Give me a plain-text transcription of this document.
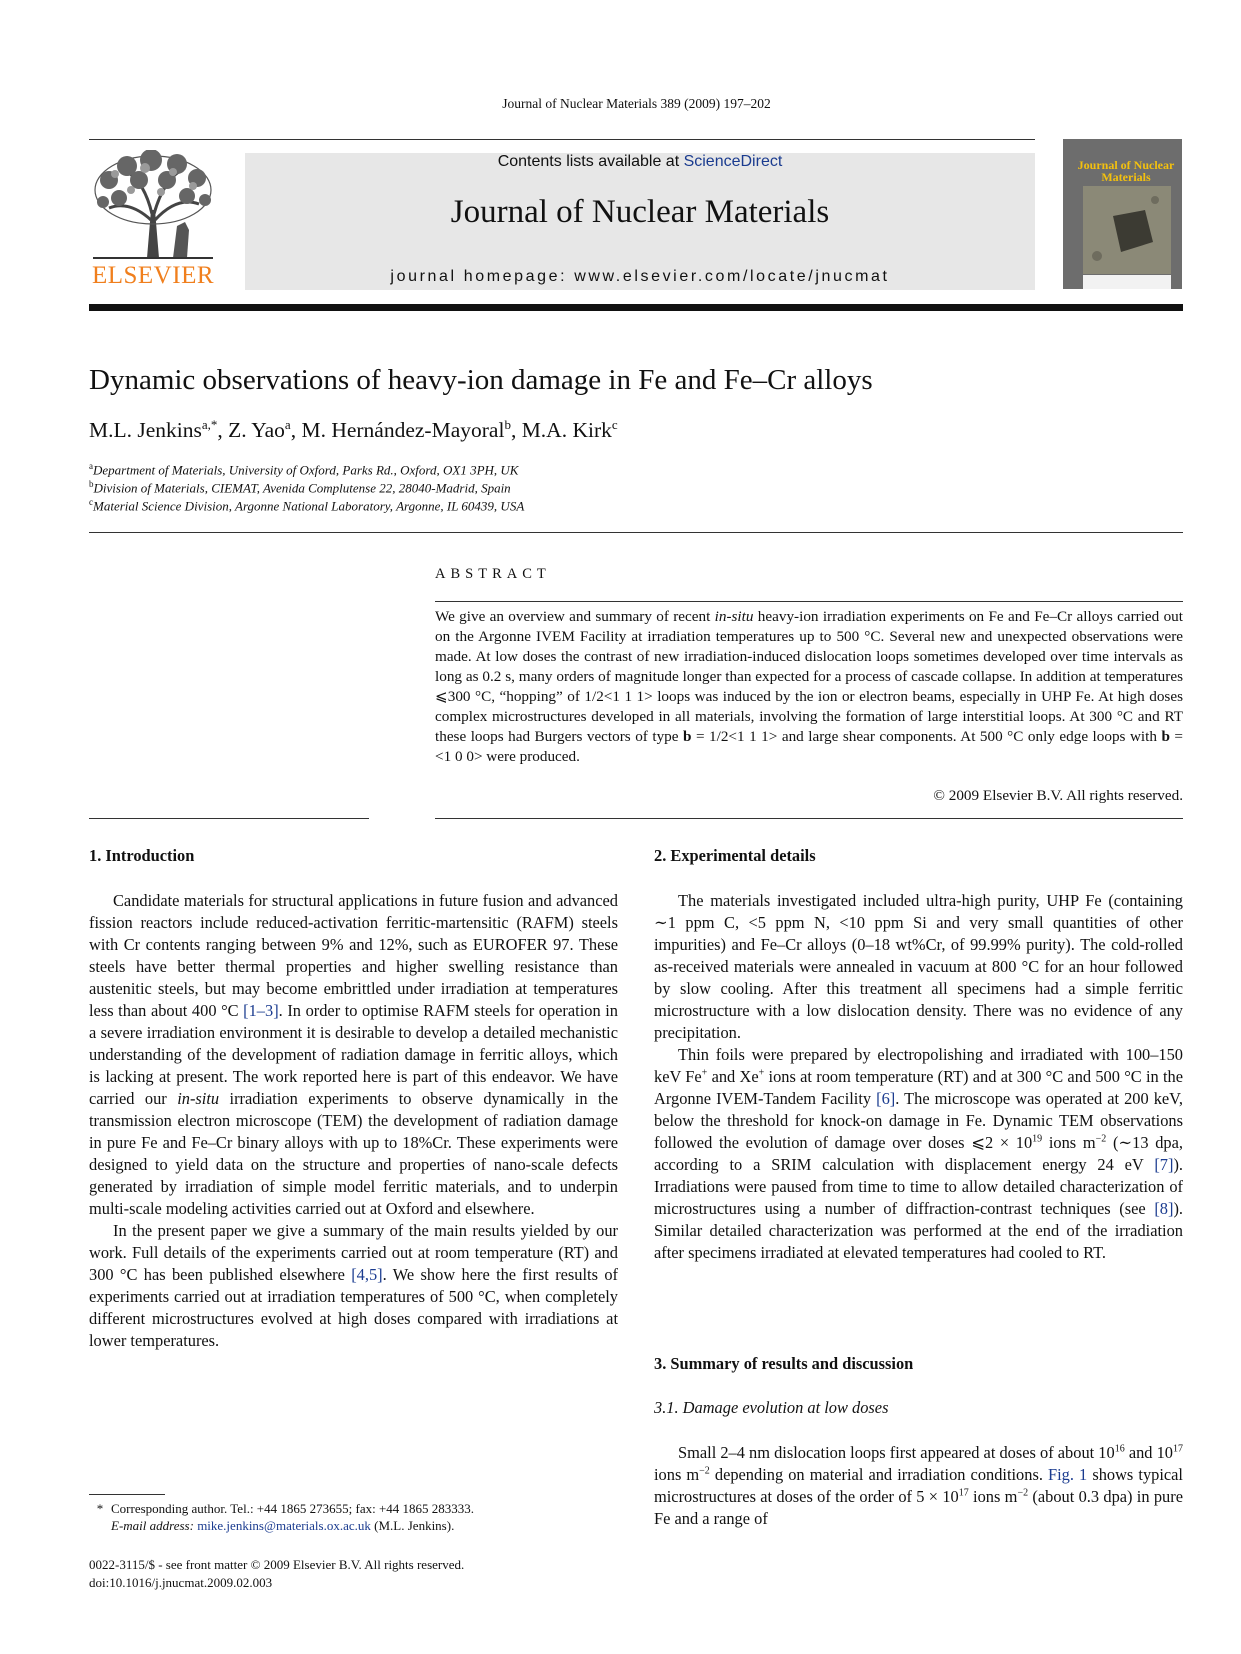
Journal of Nuclear Materials 389 (2009) 197–202
ELSEVIER
Contents lists available at ScienceDirect
Journal of Nuclear Materials
journal homepage: www.elsevier.com/locate/jnucmat
Journal of Nuclear Materials
Dynamic observations of heavy-ion damage in Fe and Fe–Cr alloys
M.L. Jenkins$^{a,*}$, Z. Yao$^a$, M. Hernández-Mayoral$^b$, M.A. Kirk$^c$
$^a$Department of Materials, University of Oxford, Parks Rd., Oxford, OX1 3PH, UK
$^b$Division of Materials, CIEMAT, Avenida Complutense 22, 28040-Madrid, Spain
$^c$Material Science Division, Argonne National Laboratory, Argonne, IL 60439, USA
ABSTRACT
We give an overview and summary of recent in-situ heavy-ion irradiation experiments on Fe and Fe–Cr alloys carried out on the Argonne IVEM Facility at irradiation temperatures up to 500 °C. Several new and unexpected observations were made. At low doses the contrast of new irradiation-induced dislocation loops sometimes developed over time intervals as long as 0.2 s, many orders of magnitude longer than expected for a process of cascade collapse. In addition at temperatures ⩽300 °C, “hopping” of 1/2<1 1 1> loops was induced by the ion or electron beams, especially in UHP Fe. At high doses complex microstructures developed in all materials, involving the formation of large interstitial loops. At 300 °C and RT these loops had Burgers vectors of type b = 1/2<1 1 1> and large shear components. At 500 °C only edge loops with b = <1 0 0> were produced.
© 2009 Elsevier B.V. All rights reserved.
1. Introduction

Candidate materials for structural applications in future fusion and advanced fission reactors include reduced-activation ferritic-martensitic (RAFM) steels with Cr contents ranging between 9% and 12%, such as EUROFER 97. These steels have better thermal properties and higher swelling resistance than austenitic steels, but may become embrittled under irradiation at temperatures less than about 400 °C [1–3]. In order to optimise RAFM steels for operation in a severe irradiation environment it is desirable to develop a detailed mechanistic understanding of the development of radiation damage in ferritic alloys, which is lacking at present. The work reported here is part of this endeavor. We have carried our in-situ irradiation experiments to observe dynamically in the transmission electron microscope (TEM) the development of radiation damage in pure Fe and Fe–Cr binary alloys with up to 18%Cr. These experiments were designed to yield data on the structure and properties of nano-scale defects generated by irradiation of simple model ferritic materials, and to underpin multi-scale modeling activities carried out at Oxford and elsewhere.

In the present paper we give a summary of the main results yielded by our work. Full details of the experiments carried out at room temperature (RT) and 300 °C has been published elsewhere [4,5]. We show here the first results of experiments carried out at irradiation temperatures of 500 °C, when completely different microstructures evolved at high doses compared with irradiations at lower temperatures.

* Corresponding author. Tel.: +44 1865 273655; fax: +44 1865 283333.
E-mail address: mike.jenkins@materials.ox.ac.uk (M.L. Jenkins).
0022-3115/$ - see front matter © 2009 Elsevier B.V. All rights reserved.
doi:10.1016/j.jnucmat.2009.02.003
2. Experimental details

The materials investigated included ultra-high purity, UHP Fe (containing ∼1 ppm C, <5 ppm N, <10 ppm Si and very small quantities of other impurities) and Fe–Cr alloys (0–18 wt%Cr, of 99.99% purity). The cold-rolled as-received materials were annealed in vacuum at 800 °C for an hour followed by slow cooling. After this treatment all specimens had a simple ferritic microstructure with a low dislocation density. There was no evidence of any precipitation.

Thin foils were prepared by electropolishing and irradiated with 100–150 keV Fe+ and Xe+ ions at room temperature (RT) and at 300 °C and 500 °C in the Argonne IVEM-Tandem Facility [6]. The microscope was operated at 200 keV, below the threshold for knock-on damage in Fe. Dynamic TEM observations followed the evolution of damage over doses ⩽2 × $10^{19}$ ions $m^{-2}$ (∼13 dpa, according to a SRIM calculation with displacement energy 24 eV [7]). Irradiations were paused from time to time to allow detailed characterization of microstructures using a number of diffraction-contrast techniques (see [8]). Similar detailed characterization was performed at the end of the irradiation after specimens irradiated at elevated temperatures had cooled to RT.

3. Summary of results and discussion
3.1. Damage evolution at low doses

Small 2–4 nm dislocation loops first appeared at doses of about $10^{16}$ and $10^{17}$ ions $m^{-2}$ depending on material and irradiation conditions. Fig. 1 shows typical microstructures at doses of the order of $5 \times 10^{17}$ ions $m^{-2}$ (about 0.3 dpa) in pure Fe and a range of
